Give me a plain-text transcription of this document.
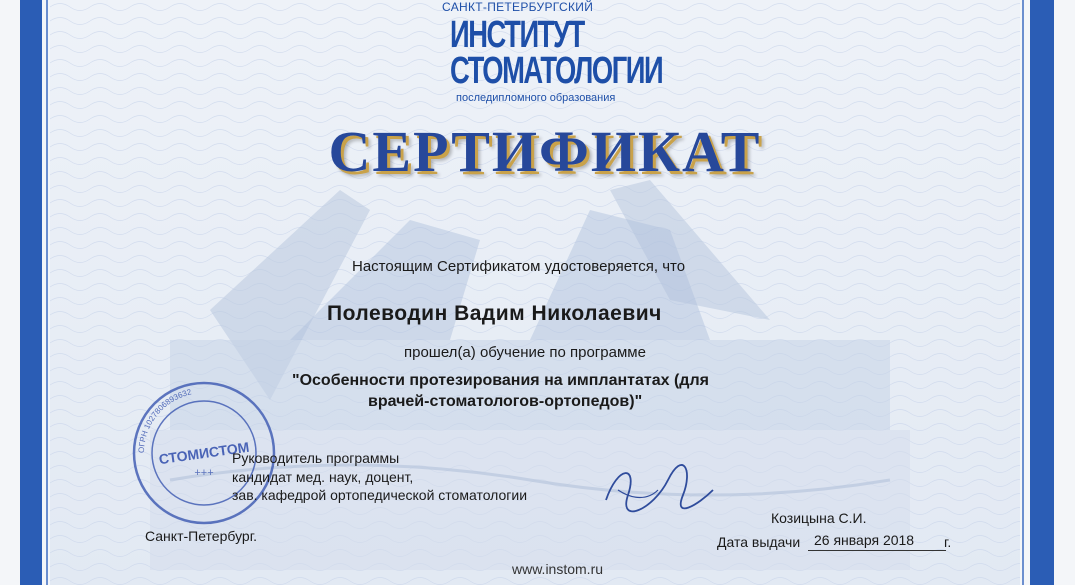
САНКТ-ПЕТЕРБУРГСКИЙ
ИНСТИТУТ
СТОМАТОЛОГИИ
последипломного образования
СЕРТИФИКАТ
Настоящим Сертификатом удостоверяется, что
Полеводин Вадим Николаевич
прошел(а) обучение по программе
"Особенности протезирования на имплантатах (для
врачей-стоматологов-ортопедов)"
ОГРН 1027806893632
СТОМИСТОМ
+++
Руководитель программы
кандидат мед. наук, доцент,
зав. кафедрой ортопедической стоматологии
Козицына С.И.
Санкт-Петербург.	Дата выдачи 26 января 2018 г.
www.instom.ru
